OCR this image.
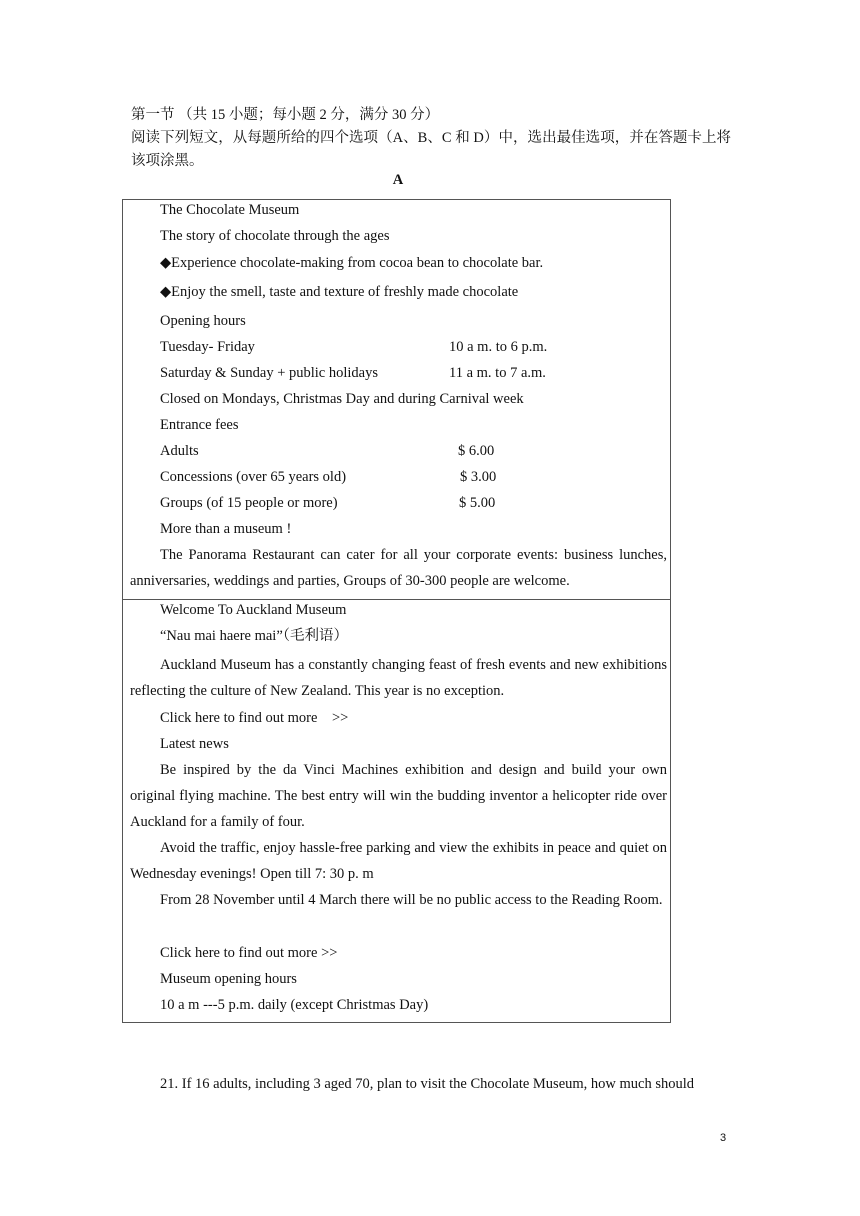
第一节 （共 15 小题；每小题 2 分，满分 30 分）

阅读下列短文，从每题所给的四个选项（A、B、C 和 D）中，选出最佳选项，并在答题卡上将该项涂黑。

A
The Chocolate Museum
The story of chocolate through the ages
◆Experience chocolate-making from cocoa bean to chocolate bar.
◆Enjoy the smell, taste and texture of freshly made chocolate
Opening hours
Tuesday- Friday	10 a m. to 6 p.m.
Saturday & Sunday + public holidays	11 a m. to 7 a.m.
Closed on Mondays, Christmas Day and during Carnival week
Entrance fees
Adults	$ 6.00
Concessions (over 65 years old)	$ 3.00
Groups (of 15 people or more)	$ 5.00
More than a museum !
The Panorama Restaurant can cater for all your corporate events: business lunches, anniversaries, weddings and parties, Groups of 30-300 people are welcome.
Welcome To Auckland Museum
“Nau mai haere mai”（毛利语）
Auckland Museum has a constantly changing feast of fresh events and new exhibitions reflecting the culture of New Zealand. This year is no exception.
Click here to find out more　>>
Latest news
Be inspired by the da Vinci Machines exhibition and design and build your own original flying machine. The best entry will win the budding inventor a helicopter ride over Auckland for a family of four.
Avoid the traffic, enjoy hassle-free parking and view the exhibits in peace and quiet on Wednesday evenings! Open till 7: 30 p. m
From 28 November until 4 March there will be no public access to the Reading Room.
Click here to find out more >>
Museum opening hours
10 a m ---5 p.m. daily (except Christmas Day)
21. If 16 adults, including 3 aged 70, plan to visit the Chocolate Museum, how much should
3
